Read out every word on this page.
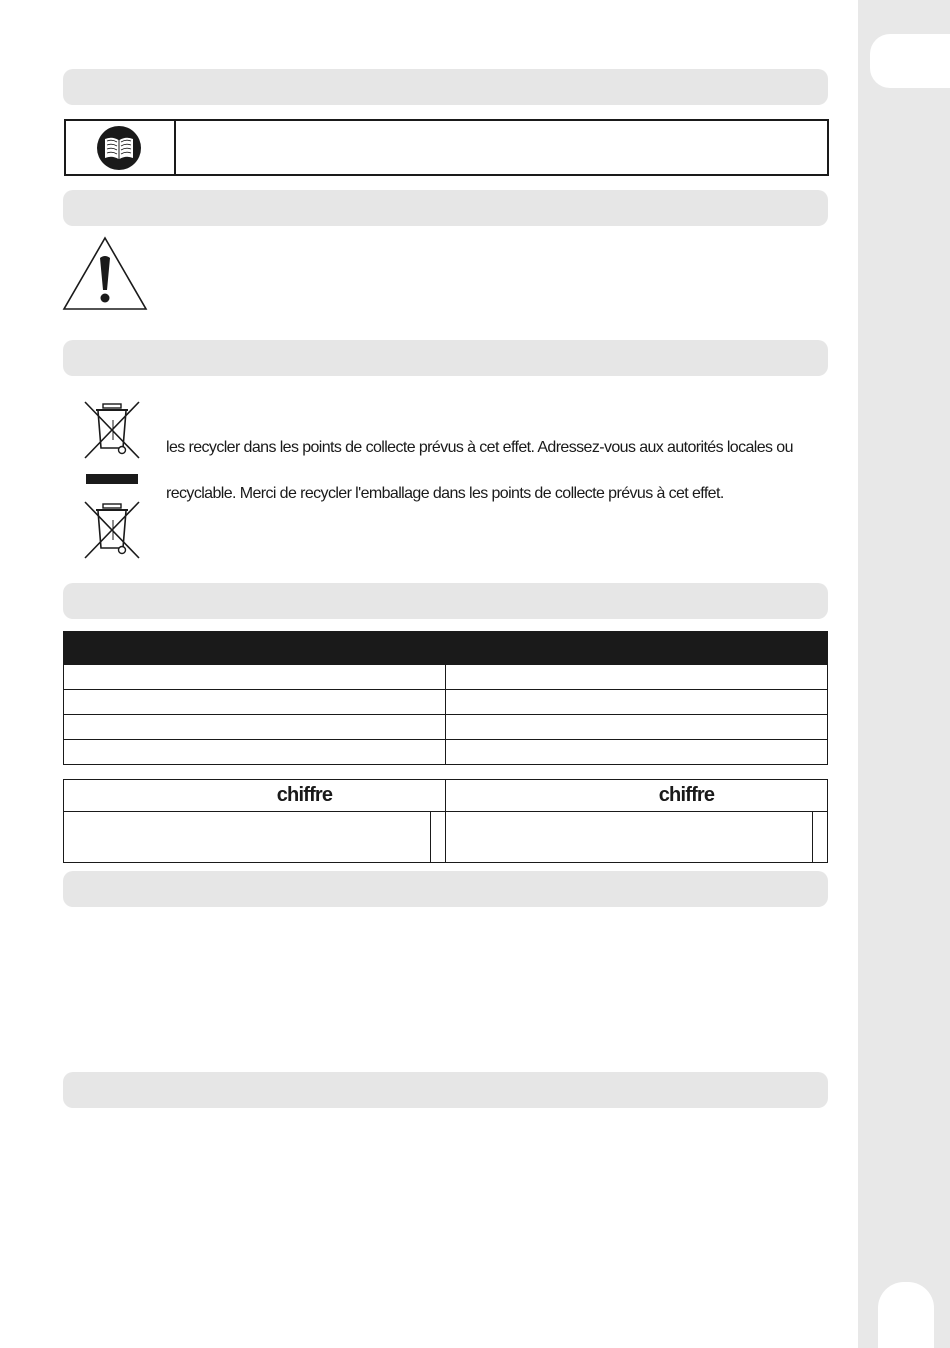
les recycler dans les points de collecte prévus à cet effet. Adressez-vous aux autorités locales ou
recyclable. Merci de recycler l'emballage dans les points de collecte prévus à cet effet.

chiffre		chiffre	
